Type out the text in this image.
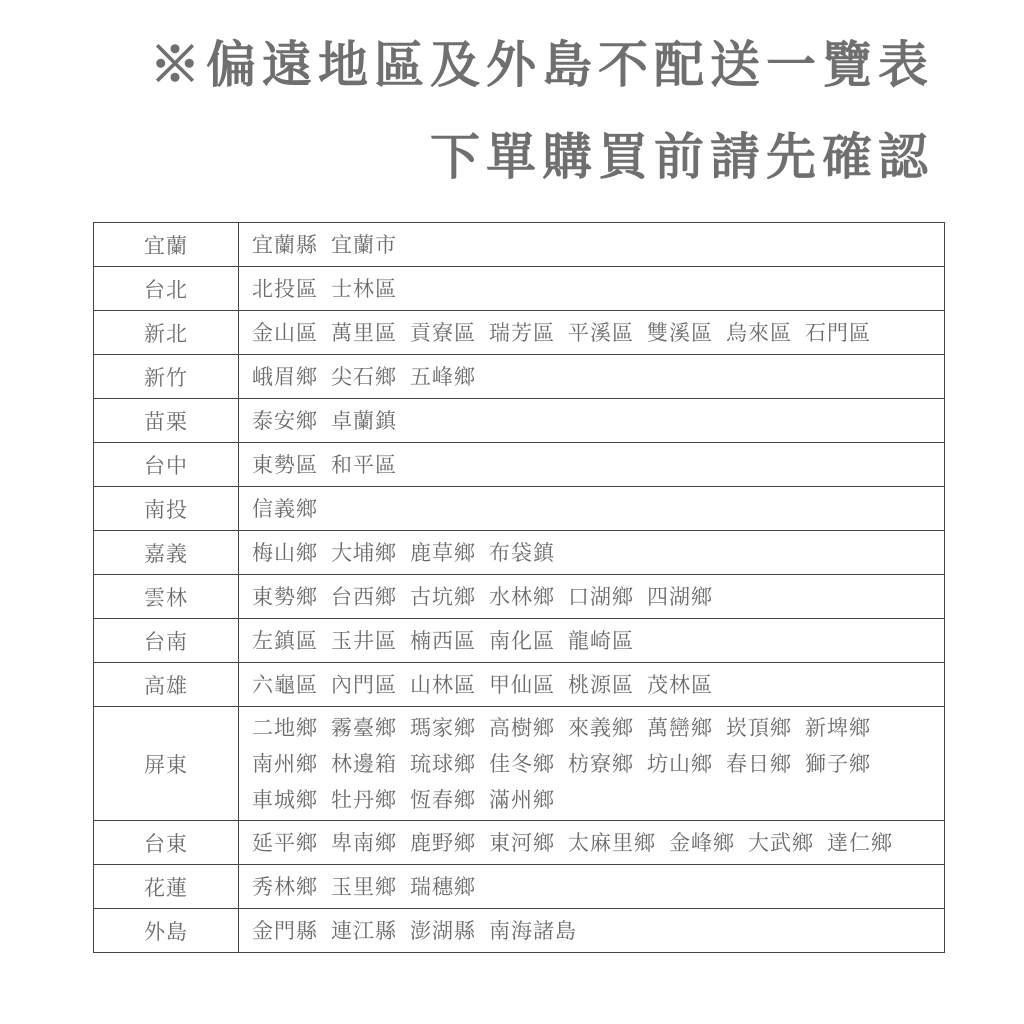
※偏遠地區及外島不配送一覽表
下單購買前請先確認
宜蘭	宜蘭縣 宜蘭市

台北	北投區 士林區

新北	金山區 萬里區 貢寮區 瑞芳區 平溪區 雙溪區 烏來區 石門區

新竹	峨眉鄉 尖石鄉 五峰鄉

苗栗	泰安鄉 卓蘭鎮

台中	東勢區 和平區

南投	信義鄉

嘉義	梅山鄉 大埔鄉 鹿草鄉 布袋鎮

雲林	東勢鄉 台西鄉 古坑鄉 水林鄉 口湖鄉 四湖鄉

台南	左鎮區 玉井區 楠西區 南化區 龍崎區

高雄	六龜區 內門區 山林區 甲仙區 桃源區 茂林區

屏東	二地鄉 霧臺鄉 瑪家鄉 高樹鄉 來義鄉 萬巒鄉 崁頂鄉 新埤鄉
南州鄉 林邊箱 琉球鄉 佳冬鄉 枋寮鄉 坊山鄉 春日鄉 獅子鄉
車城鄉 牡丹鄉 恆春鄉 滿州鄉

台東	延平鄉 卑南鄉 鹿野鄉 東河鄉 太麻里鄉 金峰鄉 大武鄉 達仁鄉

花蓮	秀林鄉 玉里鄉 瑞穗鄉

外島	金門縣 連江縣 澎湖縣 南海諸島
